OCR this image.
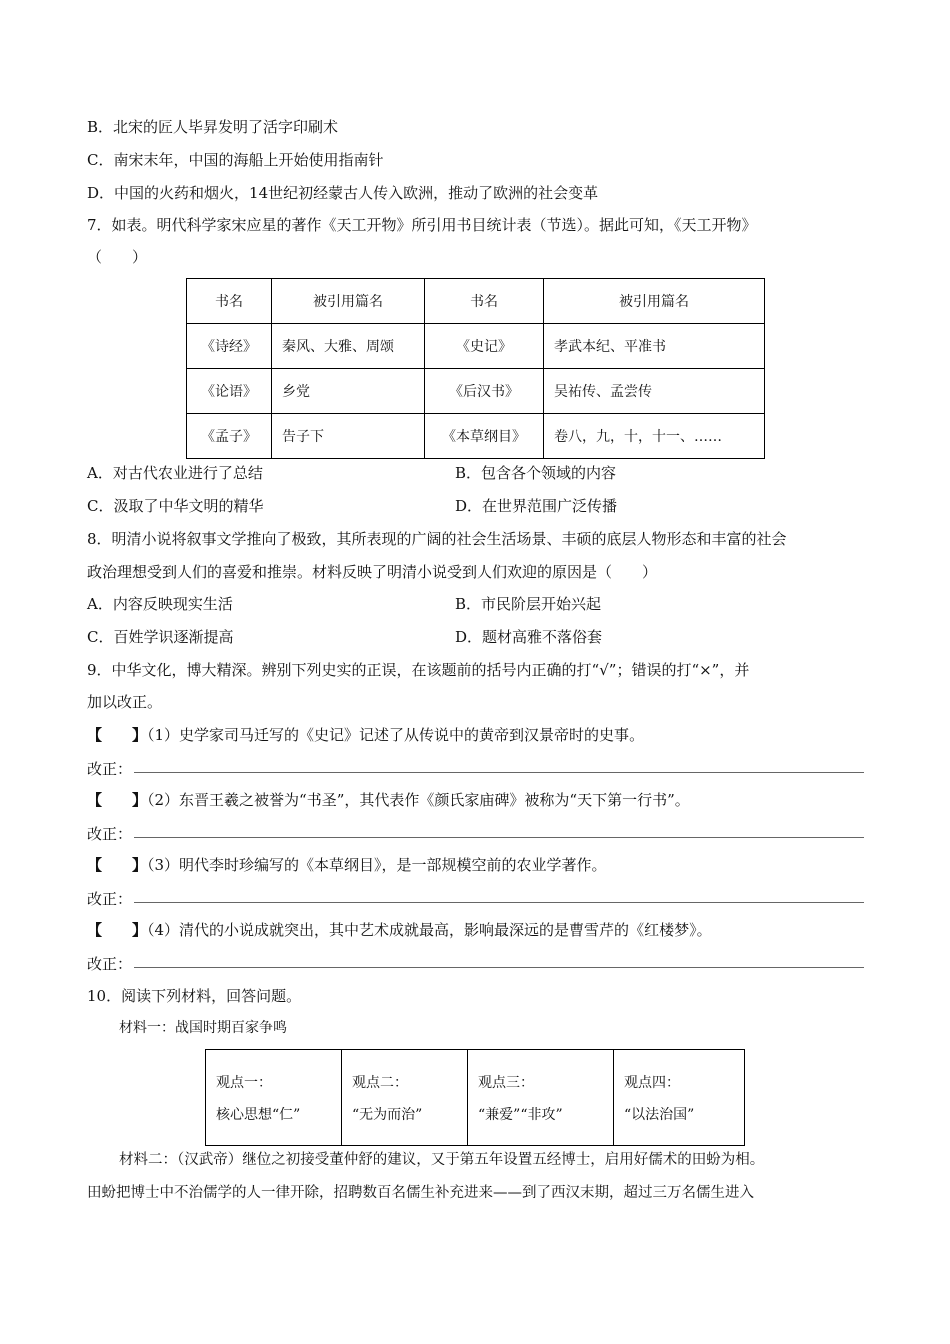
B．北宋的匠人毕昇发明了活字印刷术
C．南宋末年，中国的海船上开始使用指南针
D．中国的火药和烟火，14世纪初经蒙古人传入欧洲，推动了欧洲的社会变革
7．如表。明代科学家宋应星的著作《天工开物》所引用书目统计表（节选）。据此可知，《天工开物》
（　　）
书名	被引用篇名	书名	被引用篇名
《诗经》	秦风、大雅、周颂	《史记》	孝武本纪、平准书
《论语》	乡党	《后汉书》	吴祐传、孟尝传
《孟子》	告子下	《本草纲目》	卷八，九，十，十一、……
A．对古代农业进行了总结	B．包含各个领域的内容
C．汲取了中华文明的精华	D．在世界范围广泛传播
8．明清小说将叙事文学推向了极致，其所表现的广阔的社会生活场景、丰硕的底层人物形态和丰富的社会
政治理想受到人们的喜爱和推崇。材料反映了明清小说受到人们欢迎的原因是（　　）
A．内容反映现实生活	B．市民阶层开始兴起
C．百姓学识逐渐提高	D．题材高雅不落俗套
9．中华文化，博大精深。辨别下列史实的正误，在该题前的括号内正确的打“√”；错误的打“×”，并
加以改正。
【　　】（1）史学家司马迁写的《史记》记述了从传说中的黄帝到汉景帝时的史事。
改正：
【　　】（2）东晋王羲之被誉为“书圣”，其代表作《颜氏家庙碑》被称为“天下第一行书”。
改正：
【　　】（3）明代李时珍编写的《本草纲目》，是一部规模空前的农业学著作。
改正：
【　　】（4）清代的小说成就突出，其中艺术成就最高，影响最深远的是曹雪芹的《红楼梦》。
改正：
10．阅读下列材料，回答问题。
材料一：战国时期百家争鸣
观点一：
核心思想“仁”

观点二：
“无为而治”

观点三：
“兼爱”“非攻”

观点四：
“以法治国”
材料二：（汉武帝）继位之初接受董仲舒的建议，又于第五年设置五经博士，启用好儒术的田蚡为相。
田蚡把博士中不治儒学的人一律开除，招聘数百名儒生补充进来——到了西汉末期，超过三万名儒生进入
